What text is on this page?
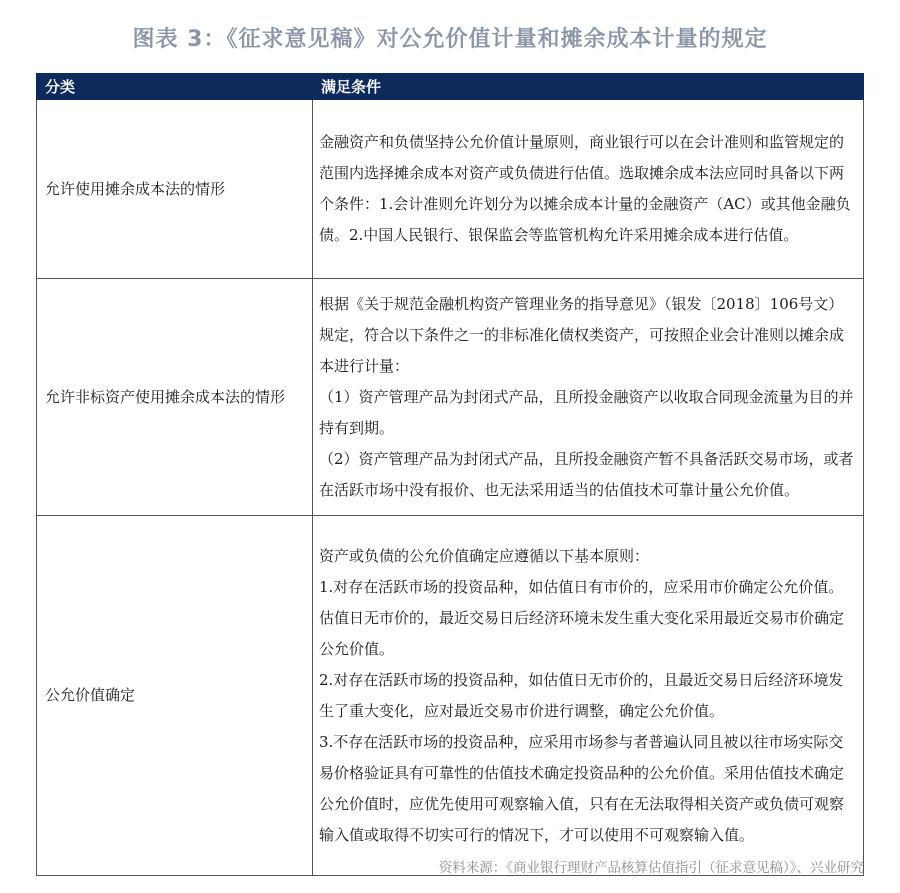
图表 3：《征求意见稿》对公允价值计量和摊余成本计量的规定
分类	满足条件
允许使用摊余成本法的情形	金融资产和负债坚持公允价值计量原则，商业银行可以在会计准则和监管规定的范围内选择摊余成本对资产或负债进行估值。选取摊余成本法应同时具备以下两个条件：1.会计准则允许划分为以摊余成本计量的金融资产（AC）或其他金融负债。2.中国人民银行、银保监会等监管机构允许采用摊余成本进行估值。

允许非标资产使用摊余成本法的情形	根据《关于规范金融机构资产管理业务的指导意见》（银发〔2018〕106号文）规定，符合以下条件之一的非标准化债权类资产，可按照企业会计准则以摊余成本进行计量：
（1）资产管理产品为封闭式产品，且所投金融资产以收取合同现金流量为目的并持有到期。
（2）资产管理产品为封闭式产品，且所投金融资产暂不具备活跃交易市场，或者在活跃市场中没有报价、也无法采用适当的估值技术可靠计量公允价值。

公允价值确定	资产或负债的公允价值确定应遵循以下基本原则：
1.对存在活跃市场的投资品种，如估值日有市价的，应采用市价确定公允价值。估值日无市价的，最近交易日后经济环境未发生重大变化采用最近交易市价确定公允价值。
2.对存在活跃市场的投资品种，如估值日无市价的，且最近交易日后经济环境发生了重大变化，应对最近交易市价进行调整，确定公允价值。
3.不存在活跃市场的投资品种，应采用市场参与者普遍认同且被以往市场实际交易价格验证具有可靠性的估值技术确定投资品种的公允价值。采用估值技术确定公允价值时，应优先使用可观察输入值，只有在无法取得相关资产或负债可观察输入值或取得不切实可行的情况下，才可以使用不可观察输入值。
资料来源：《商业银行理财产品核算估值指引（征求意见稿）》、兴业研究
